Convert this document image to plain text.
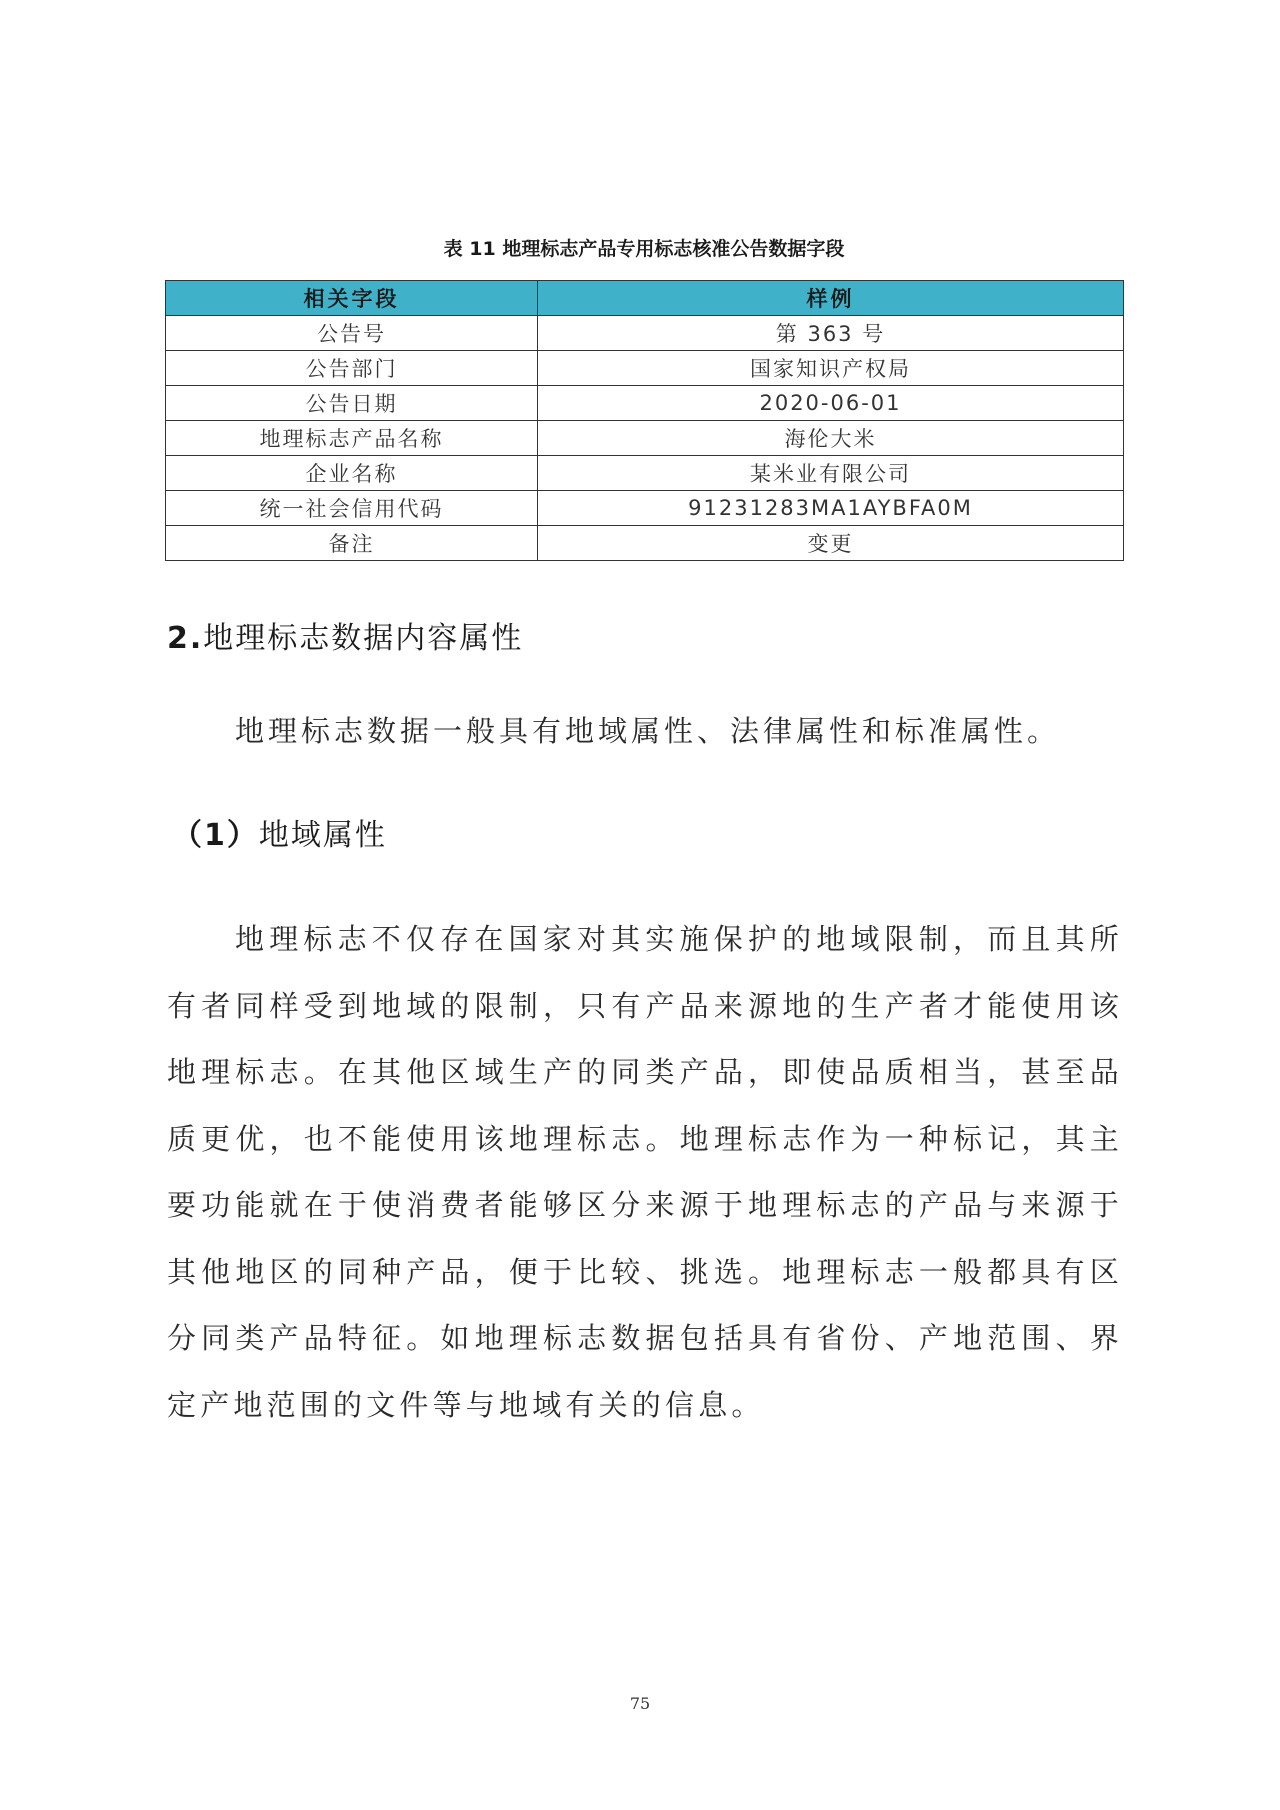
表 11 地理标志产品专用标志核准公告数据字段
相关字段	样例
公告号	第 363 号
公告部门	国家知识产权局
公告日期	2020-06-01
地理标志产品名称	海伦大米
企业名称	某米业有限公司
统一社会信用代码	91231283MA1AYBFA0M
备注	变更
2.地理标志数据内容属性
地理标志数据一般具有地域属性、法律属性和标准属性。
（1）地域属性
地理标志不仅存在国家对其实施保护的地域限制，而且其所有者同样受到地域的限制，只有产品来源地的生产者才能使用该地理标志。在其他区域生产的同类产品，即使品质相当，甚至品质更优，也不能使用该地理标志。地理标志作为一种标记，其主要功能就在于使消费者能够区分来源于地理标志的产品与来源于其他地区的同种产品，便于比较、挑选。地理标志一般都具有区分同类产品特征。如地理标志数据包括具有省份、产地范围、界定产地范围的文件等与地域有关的信息。
75
